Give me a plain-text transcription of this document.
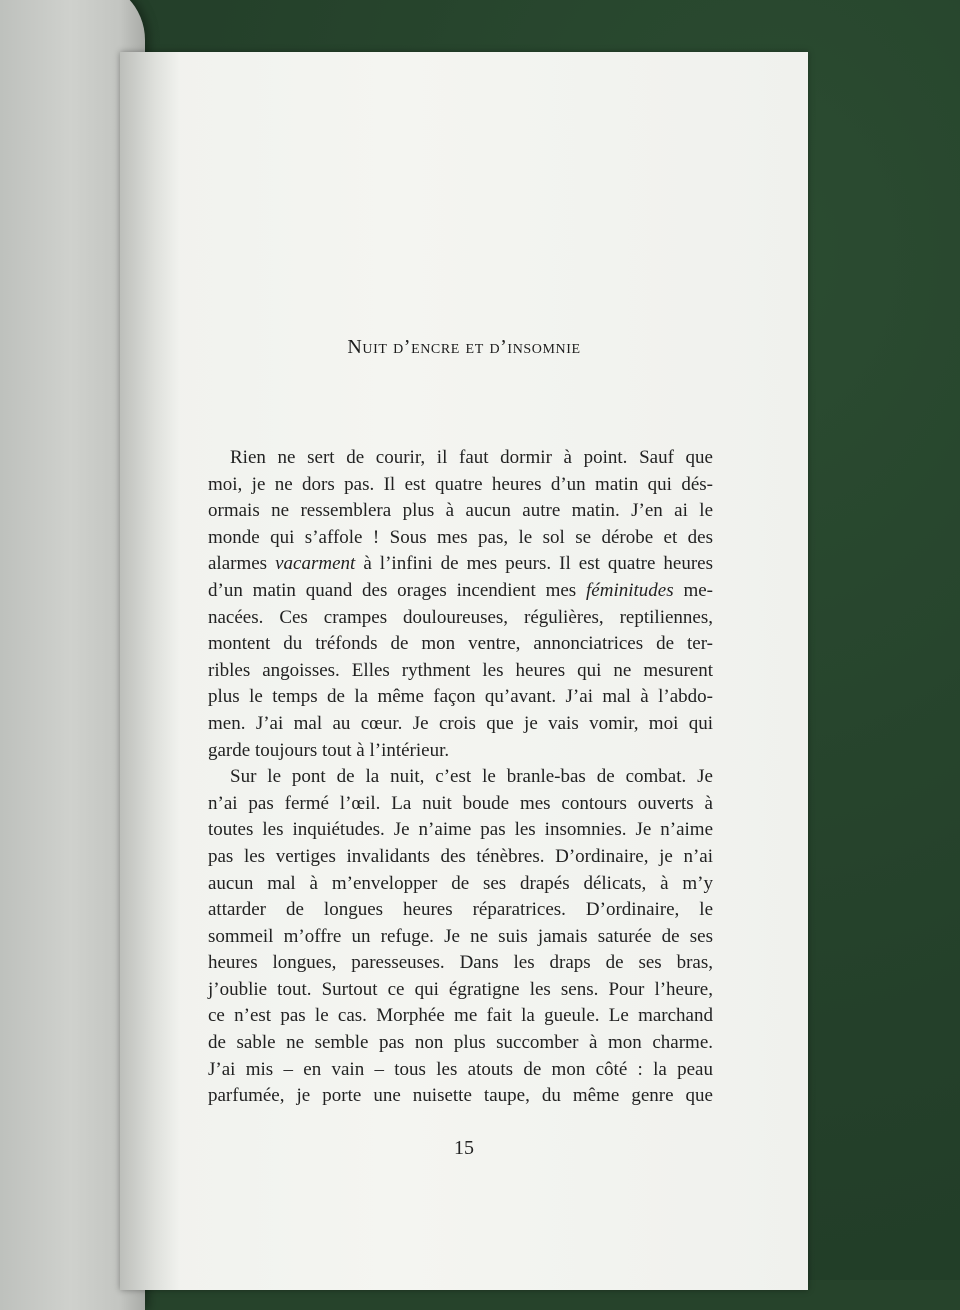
Nuit d’encre et d’insomnie
Rien ne sert de courir, il faut dormir à point. Sauf que
moi, je ne dors pas. Il est quatre heures d’un matin qui dés-
ormais ne ressemblera plus à aucun autre matin. J’en ai le
monde qui s’affole ! Sous mes pas, le sol se dérobe et des
alarmes vacarment à l’infini de mes peurs. Il est quatre heures
d’un matin quand des orages incendient mes féminitudes me-
nacées. Ces crampes douloureuses, régulières, reptiliennes,
montent du tréfonds de mon ventre, annonciatrices de ter-
ribles angoisses. Elles rythment les heures qui ne mesurent
plus le temps de la même façon qu’avant. J’ai mal à l’abdo-
men. J’ai mal au cœur. Je crois que je vais vomir, moi qui
garde toujours tout à l’intérieur.
Sur le pont de la nuit, c’est le branle-bas de combat. Je
n’ai pas fermé l’œil. La nuit boude mes contours ouverts à
toutes les inquiétudes. Je n’aime pas les insomnies. Je n’aime
pas les vertiges invalidants des ténèbres. D’ordinaire, je n’ai
aucun mal à m’envelopper de ses drapés délicats, à m’y
attarder de longues heures réparatrices. D’ordinaire, le
sommeil m’offre un refuge. Je ne suis jamais saturée de ses
heures longues, paresseuses. Dans les draps de ses bras,
j’oublie tout. Surtout ce qui égratigne les sens. Pour l’heure,
ce n’est pas le cas. Morphée me fait la gueule. Le marchand
de sable ne semble pas non plus succomber à mon charme.
J’ai mis – en vain – tous les atouts de mon côté : la peau
parfumée, je porte une nuisette taupe, du même genre que
15
